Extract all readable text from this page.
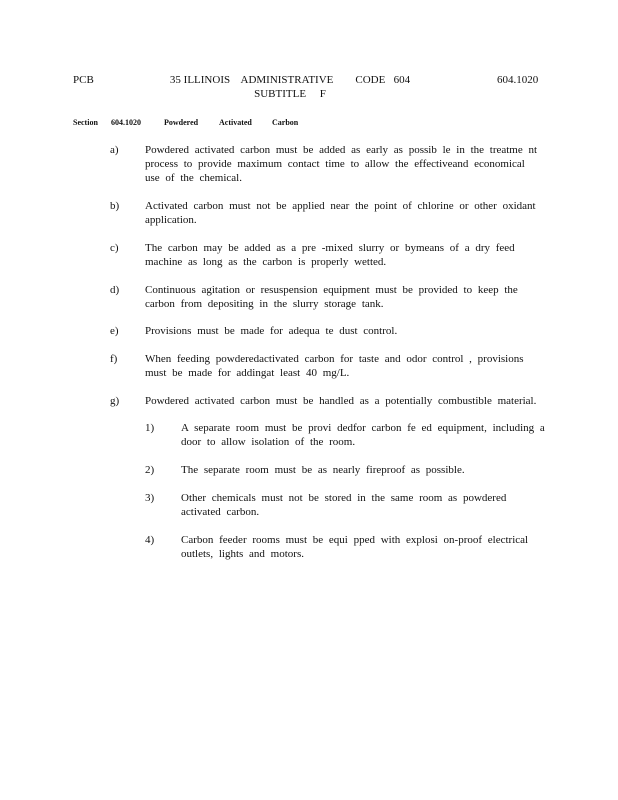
PCB	35 ILLINOIS    ADMINISTRATIVE        CODE   604
SUBTITLE     F
604.1020
Section 604.1020	Powdered	Activated	Carbon
a) Powdered activated carbon must be added as early as possib le in the treatme nt
process to provide maximum contact time to allow the effectiveand economical
use of the chemical.
b) Activated carbon must not be applied near the point of chlorine or other oxidant
application.
c) The carbon may be added as a pre -mixed slurry or bymeans of a dry feed
machine as long as the carbon is properly wetted.
d) Continuous agitation or resuspension equipment must be provided to keep the
carbon from depositing in the slurry storage tank.
e) Provisions must be made for adequa te dust control.
f)	When feeding powderedactivated carbon for taste and odor control , provisions
must be made for addingat least 40 mg/L.
g) Powdered activated carbon must be handled as a potentially combustible material.
1) A separate room must be provi dedfor carbon fe ed equipment, including a
door to allow isolation of the room.
2) The separate room must be as nearly fireproof as possible.
3) Other chemicals must not be stored in the same room as powdered
activated carbon.
4) Carbon feeder rooms must be equi pped with explosi on-proof electrical
outlets, lights and motors.
